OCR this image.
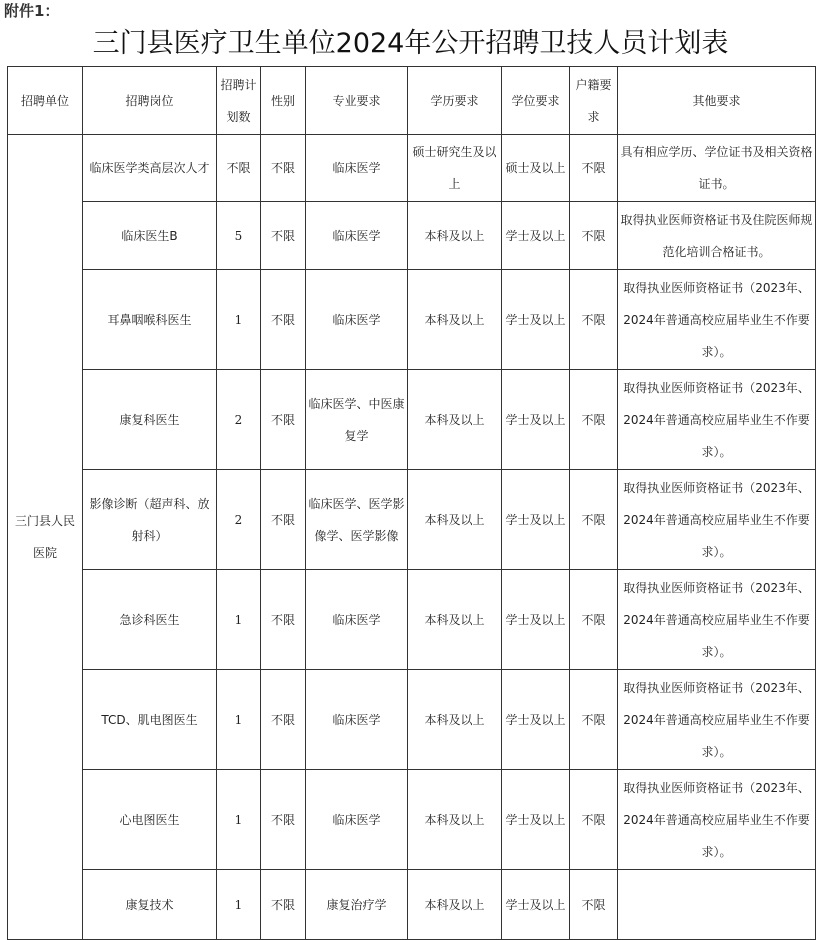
附件1：
三门县医疗卫生单位2024年公开招聘卫技人员计划表
招聘单位	招聘岗位	招聘计划数	性别	专业要求	学历要求	学位要求	户籍要求	其他要求
三门县人民医院	临床医学类高层次人才	不限	不限	临床医学	硕士研究生及以上	硕士及以上	不限	具有相应学历、学位证书及相关资格证书。
	临床医生B	5	不限	临床医学	本科及以上	学士及以上	不限	取得执业医师资格证书及住院医师规范化培训合格证书。
	耳鼻咽喉科医生	1	不限	临床医学	本科及以上	学士及以上	不限	取得执业医师资格证书（2023年、2024年普通高校应届毕业生不作要求）。
	康复科医生	2	不限	临床医学、中医康复学	本科及以上	学士及以上	不限	取得执业医师资格证书（2023年、2024年普通高校应届毕业生不作要求）。
	影像诊断（超声科、放射科）	2	不限	临床医学、医学影像学、医学影像	本科及以上	学士及以上	不限	取得执业医师资格证书（2023年、2024年普通高校应届毕业生不作要求）。
	急诊科医生	1	不限	临床医学	本科及以上	学士及以上	不限	取得执业医师资格证书（2023年、2024年普通高校应届毕业生不作要求）。
	TCD、肌电图医生	1	不限	临床医学	本科及以上	学士及以上	不限	取得执业医师资格证书（2023年、2024年普通高校应届毕业生不作要求）。
	心电图医生	1	不限	临床医学	本科及以上	学士及以上	不限	取得执业医师资格证书（2023年、2024年普通高校应届毕业生不作要求）。
	康复技术	1	不限	康复治疗学	本科及以上	学士及以上	不限	
